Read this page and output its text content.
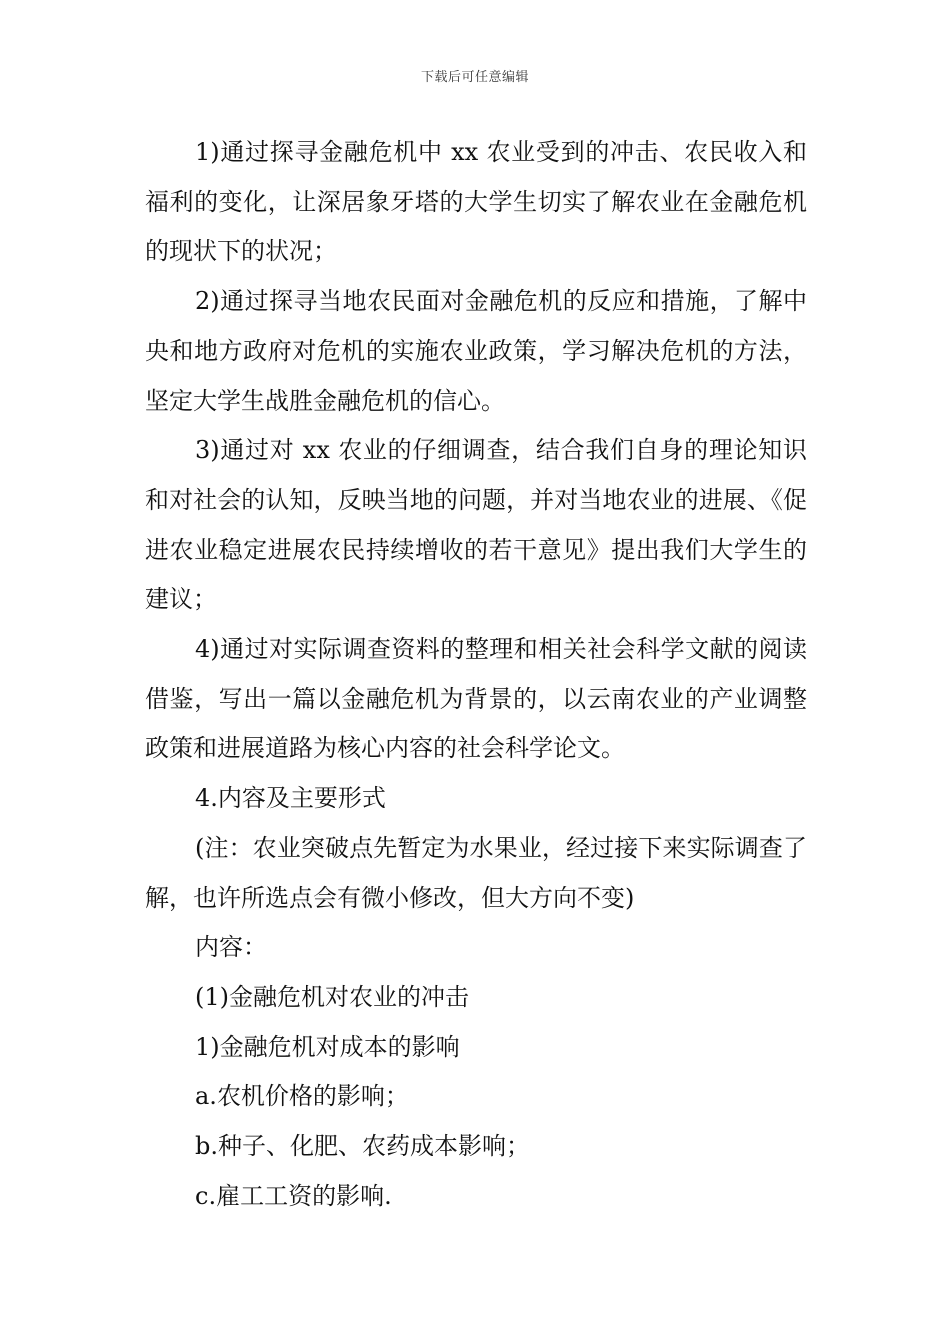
下载后可任意编辑

1)通过探寻金融危机中 xx 农业受到的冲击、农民收入和福利的变化，让深居象牙塔的大学生切实了解农业在金融危机的现状下的状况；

2)通过探寻当地农民面对金融危机的反应和措施，了解中央和地方政府对危机的实施农业政策，学习解决危机的方法，坚定大学生战胜金融危机的信心。

3)通过对 xx 农业的仔细调查，结合我们自身的理论知识和对社会的认知，反映当地的问题，并对当地农业的进展、《促进农业稳定进展农民持续增收的若干意见》提出我们大学生的建议；

4)通过对实际调查资料的整理和相关社会科学文献的阅读借鉴，写出一篇以金融危机为背景的，以云南农业的产业调整政策和进展道路为核心内容的社会科学论文。

4.内容及主要形式

(注：农业突破点先暂定为水果业，经过接下来实际调查了解，也许所选点会有微小修改，但大方向不变)

内容：

(1)金融危机对农业的冲击

1)金融危机对成本的影响

a.农机价格的影响；

b.种子、化肥、农药成本影响；

c.雇工工资的影响.
